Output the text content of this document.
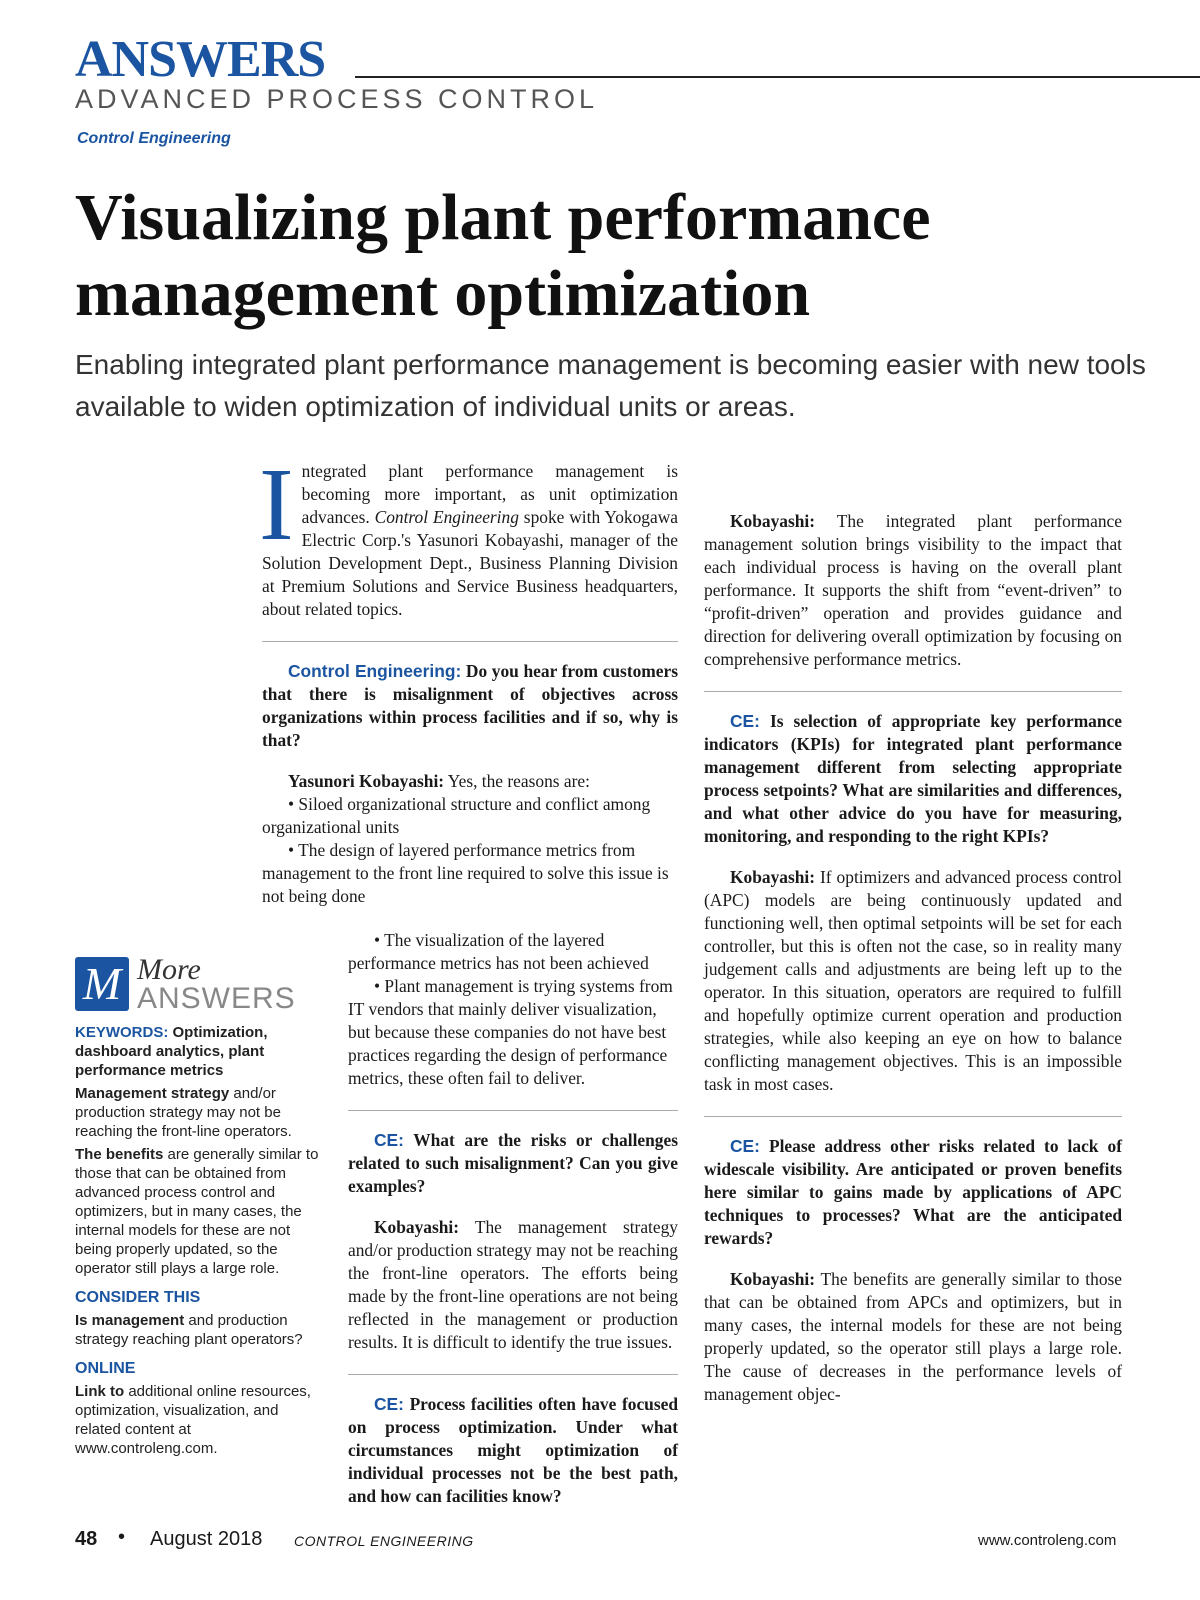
ANSWERS
ADVANCED PROCESS CONTROL
Control Engineering
Visualizing plant performance management optimization

Enabling integrated plant performance management is becoming easier with new tools available to widen optimization of individual units or areas.

Integrated plant performance management is becoming more important, as unit optimization advances. Control Engineering spoke with Yokogawa Electric Corp.'s Yasunori Kobayashi, manager of the Solution Development Dept., Business Planning Division at Premium Solutions and Service Business headquarters, about related topics.

Control Engineering: Do you hear from customers that there is misalignment of objectives across organizations within process facilities and if so, why is that?

Yasunori Kobayashi: Yes, the reasons are:

• Siloed organizational structure and conflict among organizational units

• The design of layered performance metrics from management to the front line required to solve this issue is not being done

• The visualization of the layered performance metrics has not been achieved

• Plant management is trying systems from IT vendors that mainly deliver visualization, but because these companies do not have best practices regarding the design of performance metrics, these often fail to deliver.

CE: What are the risks or challenges related to such misalignment? Can you give examples?

Kobayashi: The management strategy and/or production strategy may not be reaching the front-line operators. The efforts being made by the front-line operations are not being reflected in the management or production results. It is difficult to identify the true issues.

CE: Process facilities often have focused on process optimization. Under what circumstances might optimization of individual processes not be the best path, and how can facilities know?

Kobayashi: The integrated plant performance management solution brings visibility to the impact that each individual process is having on the overall plant performance. It supports the shift from “event-driven” to “profit-driven” operation and provides guidance and direction for delivering overall optimization by focusing on comprehensive performance metrics.

CE: Is selection of appropriate key performance indicators (KPIs) for integrated plant performance management different from selecting appropriate process setpoints? What are similarities and differences, and what other advice do you have for measuring, monitoring, and responding to the right KPIs?

Kobayashi: If optimizers and advanced process control (APC) models are being continuously updated and functioning well, then optimal setpoints will be set for each controller, but this is often not the case, so in reality many judgement calls and adjustments are being left up to the operator. In this situation, operators are required to fulfill and hopefully optimize current operation and production strategies, while also keeping an eye on how to balance conflicting management objectives. This is an impossible task in most cases.

CE: Please address other risks related to lack of widescale visibility. Are anticipated or proven benefits here similar to gains made by applications of APC techniques to processes? What are the anticipated rewards?

Kobayashi: The benefits are generally similar to those that can be obtained from APCs and optimizers, but in many cases, the internal models for these are not being properly updated, so the operator still plays a large role. The cause of decreases in the performance levels of management objec-

M More
ANSWERS

KEYWORDS: Optimization, dashboard analytics, plant performance metrics

Management strategy and/or production strategy may not be reaching the front-line operators.

The benefits are generally similar to those that can be obtained from advanced process control and optimizers, but in many cases, the internal models for these are not being properly updated, so the operator still plays a large role.

CONSIDER THIS

Is management and production strategy reaching plant operators?

ONLINE

Link to additional online resources, optimization, visualization, and related content at www.controleng.com.

48 • August 2018 CONTROL ENGINEERING	www.controleng.com
